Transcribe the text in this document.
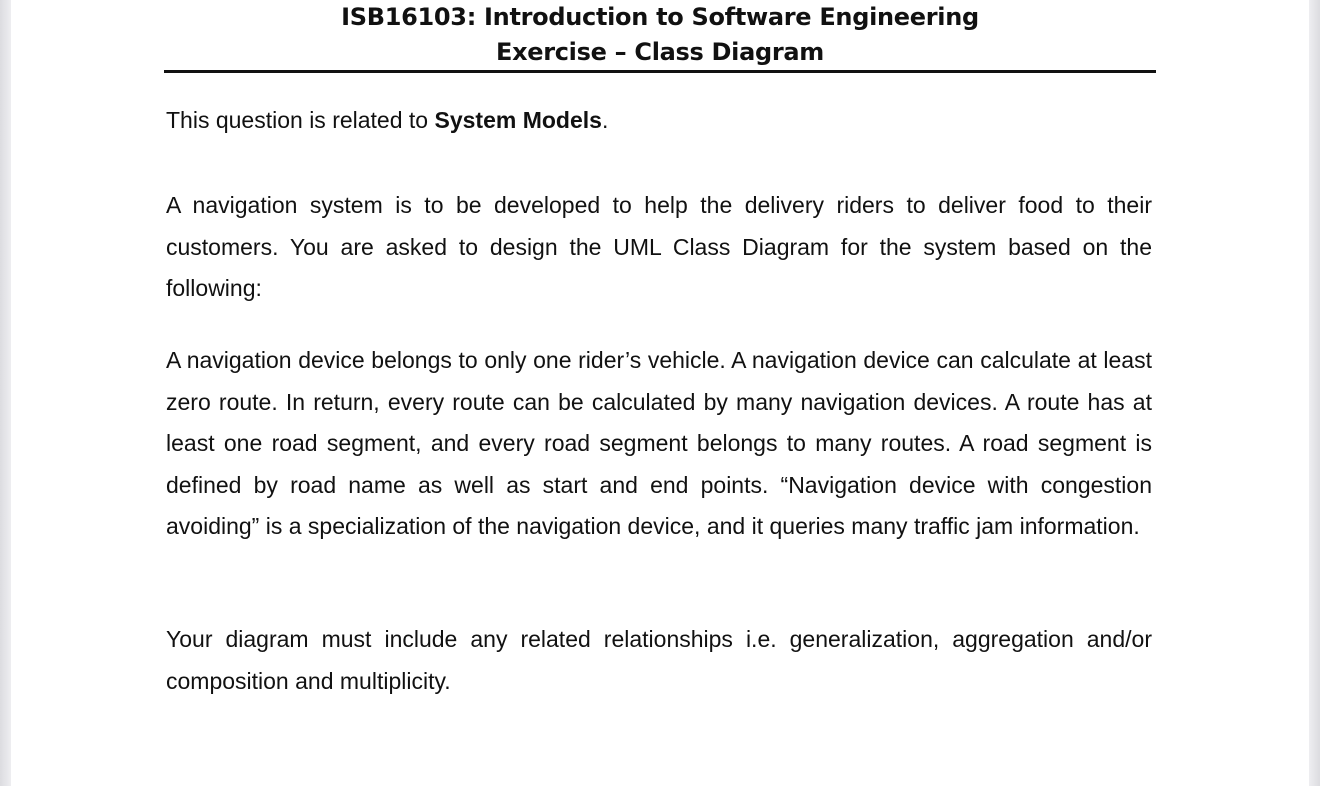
ISB16103: Introduction to Software Engineering
Exercise – Class Diagram

This question is related to System Models.

A navigation system is to be developed to help the delivery riders to deliver food to their customers. You are asked to design the UML Class Diagram for the system based on the following:

A navigation device belongs to only one rider’s vehicle. A navigation device can calculate at least zero route. In return, every route can be calculated by many navigation devices. A route has at least one road segment, and every road segment belongs to many routes. A road segment is defined by road name as well as start and end points. “Navigation device with congestion avoiding” is a specialization of the navigation device, and it queries many traffic jam information.

Your diagram must include any related relationships i.e. generalization, aggregation and/or composition and multiplicity.
